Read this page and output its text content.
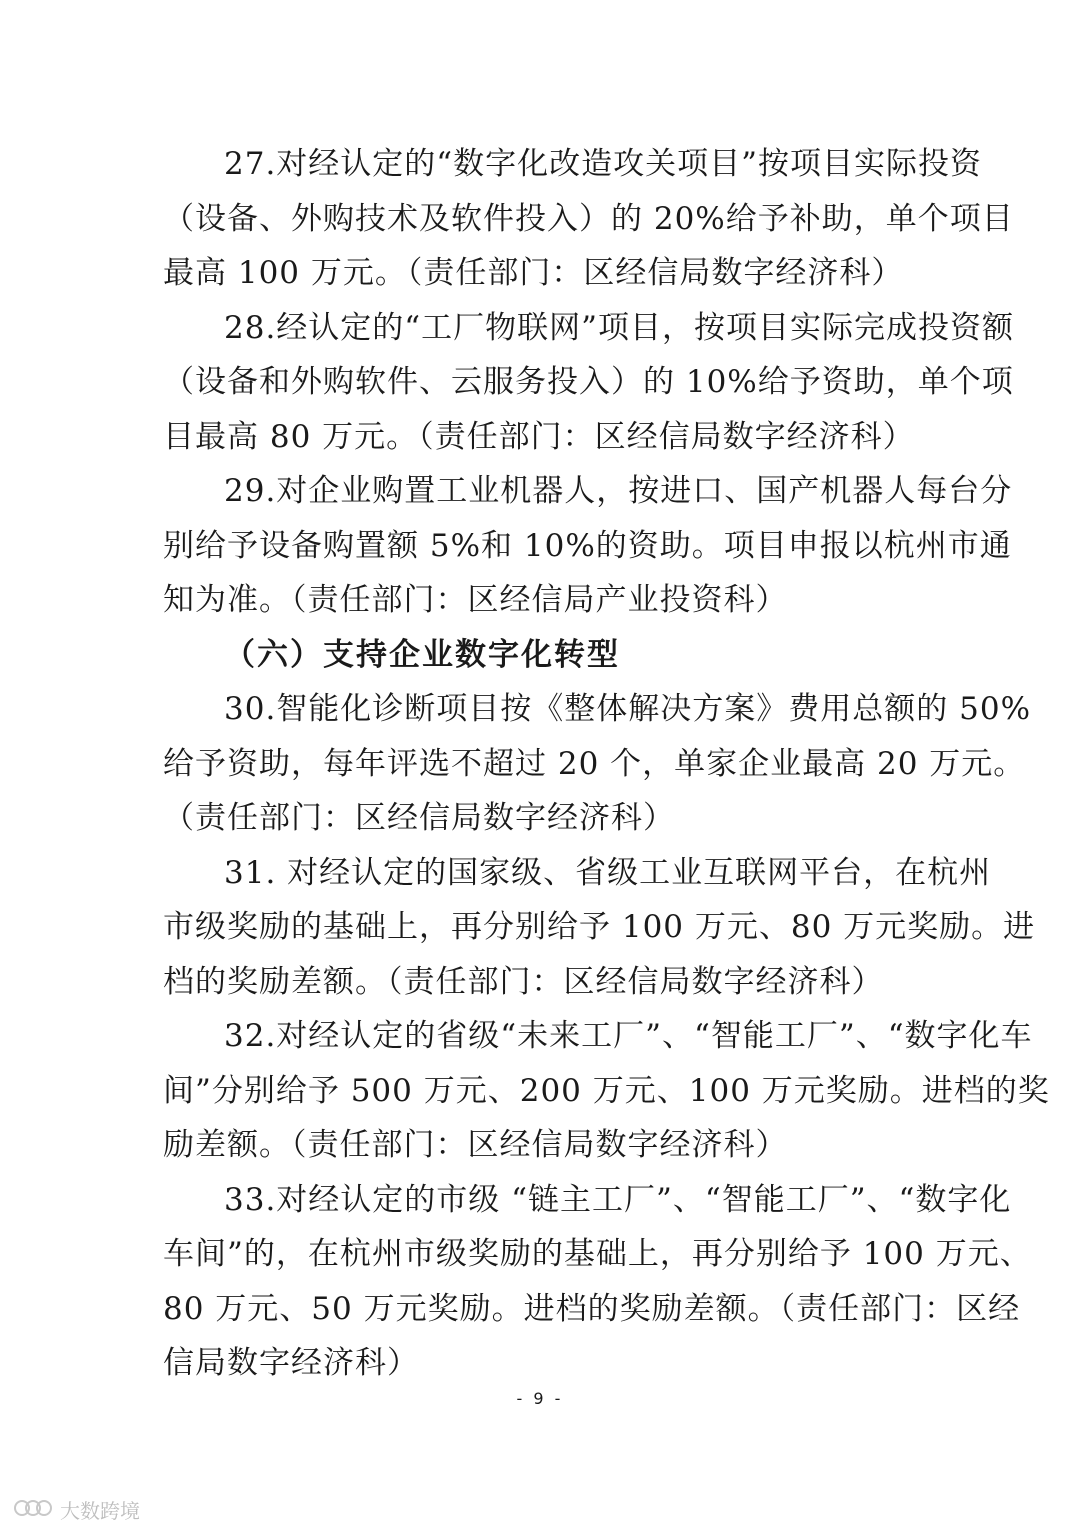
27.对经认定的“数字化改造攻关项目”按项目实际投资
（设备、外购技术及软件投入）的 20%给予补助，单个项目
最高 100 万元。（责任部门：区经信局数字经济科）
28.经认定的“工厂物联网”项目，按项目实际完成投资额
（设备和外购软件、云服务投入）的 10%给予资助，单个项
目最高 80 万元。（责任部门：区经信局数字经济科）
29.对企业购置工业机器人，按进口、国产机器人每台分
别给予设备购置额 5%和 10%的资助。项目申报以杭州市通
知为准。（责任部门：区经信局产业投资科）
30.智能化诊断项目按《整体解决方案》费用总额的 50%
给予资助，每年评选不超过 20 个，单家企业最高 20 万元。
（责任部门：区经信局数字经济科）
31. 对经认定的国家级、省级工业互联网平台，在杭州
市级奖励的基础上，再分别给予 100 万元、80 万元奖励。进
档的奖励差额。（责任部门：区经信局数字经济科）
32.对经认定的省级“未来工厂”、“智能工厂”、“数字化车
间”分别给予 500 万元、200 万元、100 万元奖励。进档的奖
励差额。（责任部门：区经信局数字经济科）
33.对经认定的市级 “链主工厂”、“智能工厂”、“数字化
车间”的，在杭州市级奖励的基础上，再分别给予 100 万元、
80 万元、50 万元奖励。进档的奖励差额。（责任部门：区经
信局数字经济科）
（六）支持企业数字化转型
- 9 -
大数跨境
